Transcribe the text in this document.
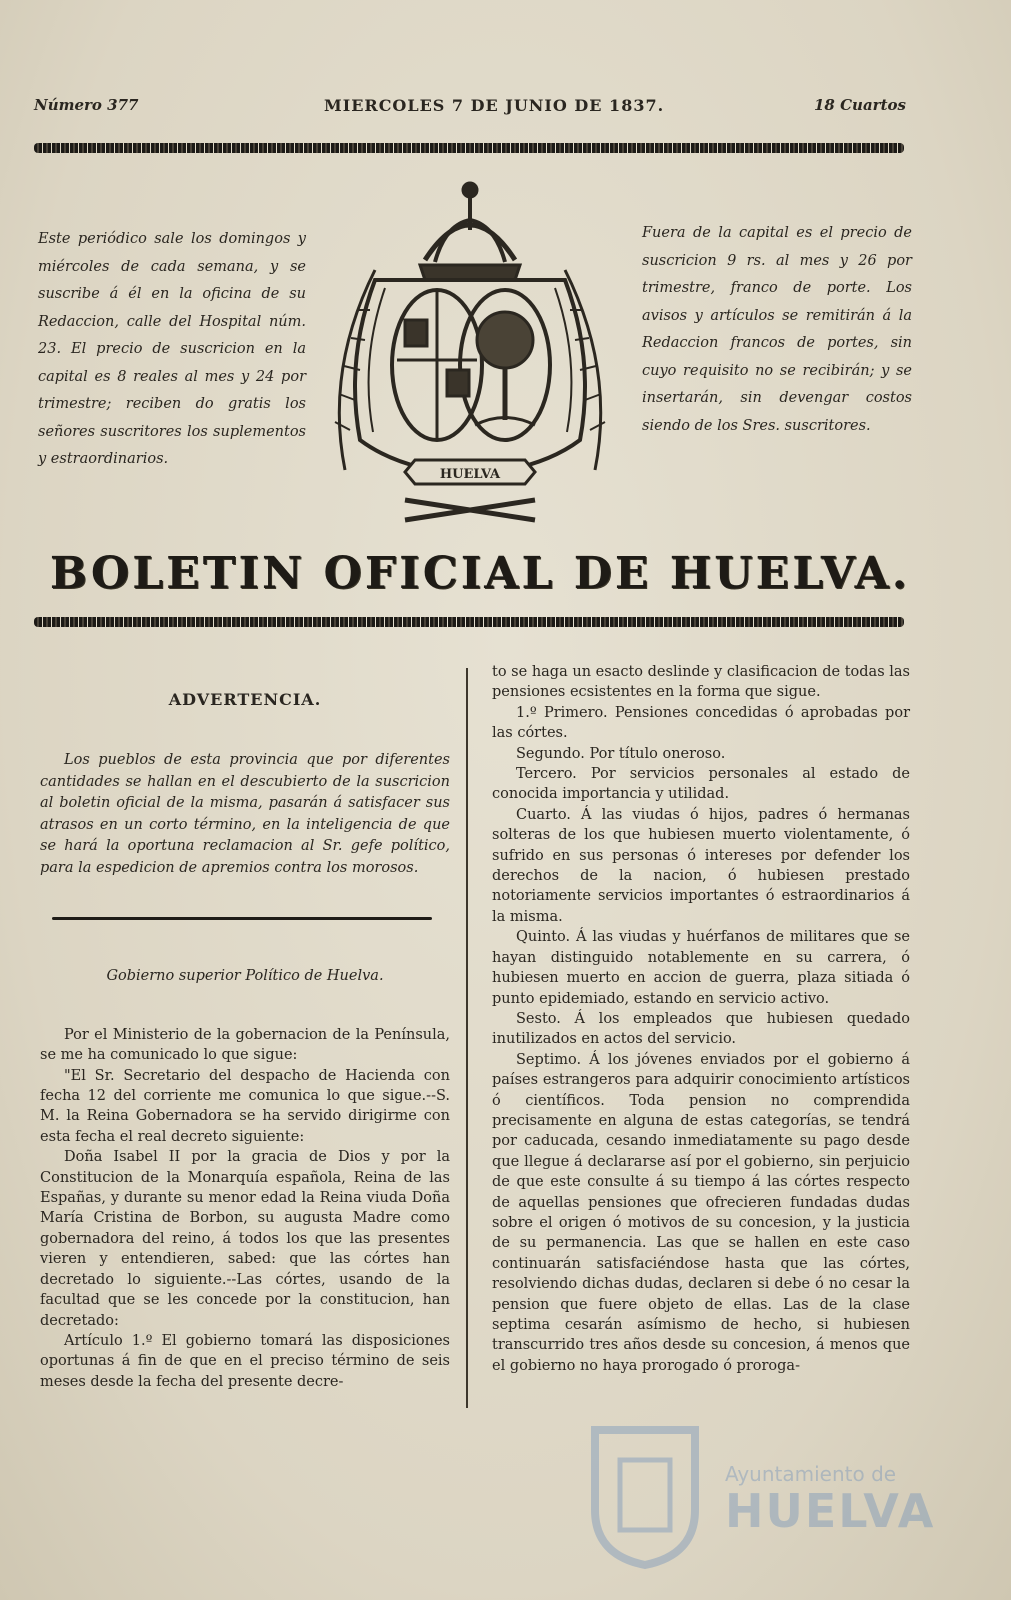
Número 377	MIERCOLES 7 DE JUNIO DE 1837.	18 Cuartos
Este periódico sale los domingos y miércoles de cada semana, y se suscribe á él en la oficina de su Redaccion, calle del Hospital núm. 23. El precio de suscricion en la capital es 8 reales al mes y 24 por trimestre; reciben do gratis los señores suscritores los suplementos y estraordinarios.
Fuera de la capital es el precio de suscricion 9 rs. al mes y 26 por trimestre, franco de porte. Los avisos y artículos se remitirán á la Redaccion francos de portes, sin cuyo requisito no se recibirán; y se insertarán, sin devengar costos siendo de los Sres. suscritores.
HUELVA
BOLETIN OFICIAL DE HUELVA.
ADVERTENCIA.

Los pueblos de esta provincia que por diferentes cantidades se hallan en el descubierto de la suscricion al boletin oficial de la misma, pasarán á satisfacer sus atrasos en un corto término, en la inteligencia de que se hará la oportuna reclamacion al Sr. gefe político, para la espedicion de apremios contra los morosos.

Gobierno superior Político de Huelva.

Por el Ministerio de la gobernacion de la Península, se me ha comunicado lo que sigue:

"El Sr. Secretario del despacho de Hacienda con fecha 12 del corriente me comunica lo que sigue.--S. M. la Reina Gobernadora se ha servido dirigirme con esta fecha el real decreto siguiente:

Doña Isabel II por la gracia de Dios y por la Constitucion de la Monarquía española, Reina de las Españas, y durante su menor edad la Reina viuda Doña María Cristina de Borbon, su augusta Madre como gobernadora del reino, á todos los que las presentes vieren y entendieren, sabed: que las córtes han decretado lo siguiente.--Las córtes, usando de la facultad que se les concede por la constitucion, han decretado:

Artículo 1.º El gobierno tomará las disposiciones oportunas á fin de que en el preciso término de seis meses desde la fecha del presente decre-

to se haga un esacto deslinde y clasificacion de todas las pensiones ecsistentes en la forma que sigue.

1.º Primero. Pensiones concedidas ó aprobadas por las córtes.

Segundo. Por título oneroso.

Tercero. Por servicios personales al estado de conocida importancia y utilidad.

Cuarto. Á las viudas ó hijos, padres ó hermanas solteras de los que hubiesen muerto violentamente, ó sufrido en sus personas ó intereses por defender los derechos de la nacion, ó hubiesen prestado notoriamente servicios importantes ó estraordinarios á la misma.

Quinto. Á las viudas y huérfanos de militares que se hayan distinguido notablemente en su carrera, ó hubiesen muerto en accion de guerra, plaza sitiada ó punto epidemiado, estando en servicio activo.

Sesto. Á los empleados que hubiesen quedado inutilizados en actos del servicio.

Septimo. Á los jóvenes enviados por el gobierno á países estrangeros para adquirir conocimiento artísticos ó científicos. Toda pension no comprendida precisamente en alguna de estas categorías, se tendrá por caducada, cesando inmediatamente su pago desde que llegue á declararse así por el gobierno, sin perjuicio de que este consulte á su tiempo á las córtes respecto de aquellas pensiones que ofrecieren fundadas dudas sobre el origen ó motivos de su concesion, y la justicia de su permanencia. Las que se hallen en este caso continuarán satisfaciéndose hasta que las córtes, resolviendo dichas dudas, declaren si debe ó no cesar la pension que fuere objeto de ellas. Las de la clase septima cesarán asímismo de hecho, si hubiesen transcurrido tres años desde su concesion, á menos que el gobierno no haya prorogado ó proroga-

Ayuntamiento de
HUELVA
